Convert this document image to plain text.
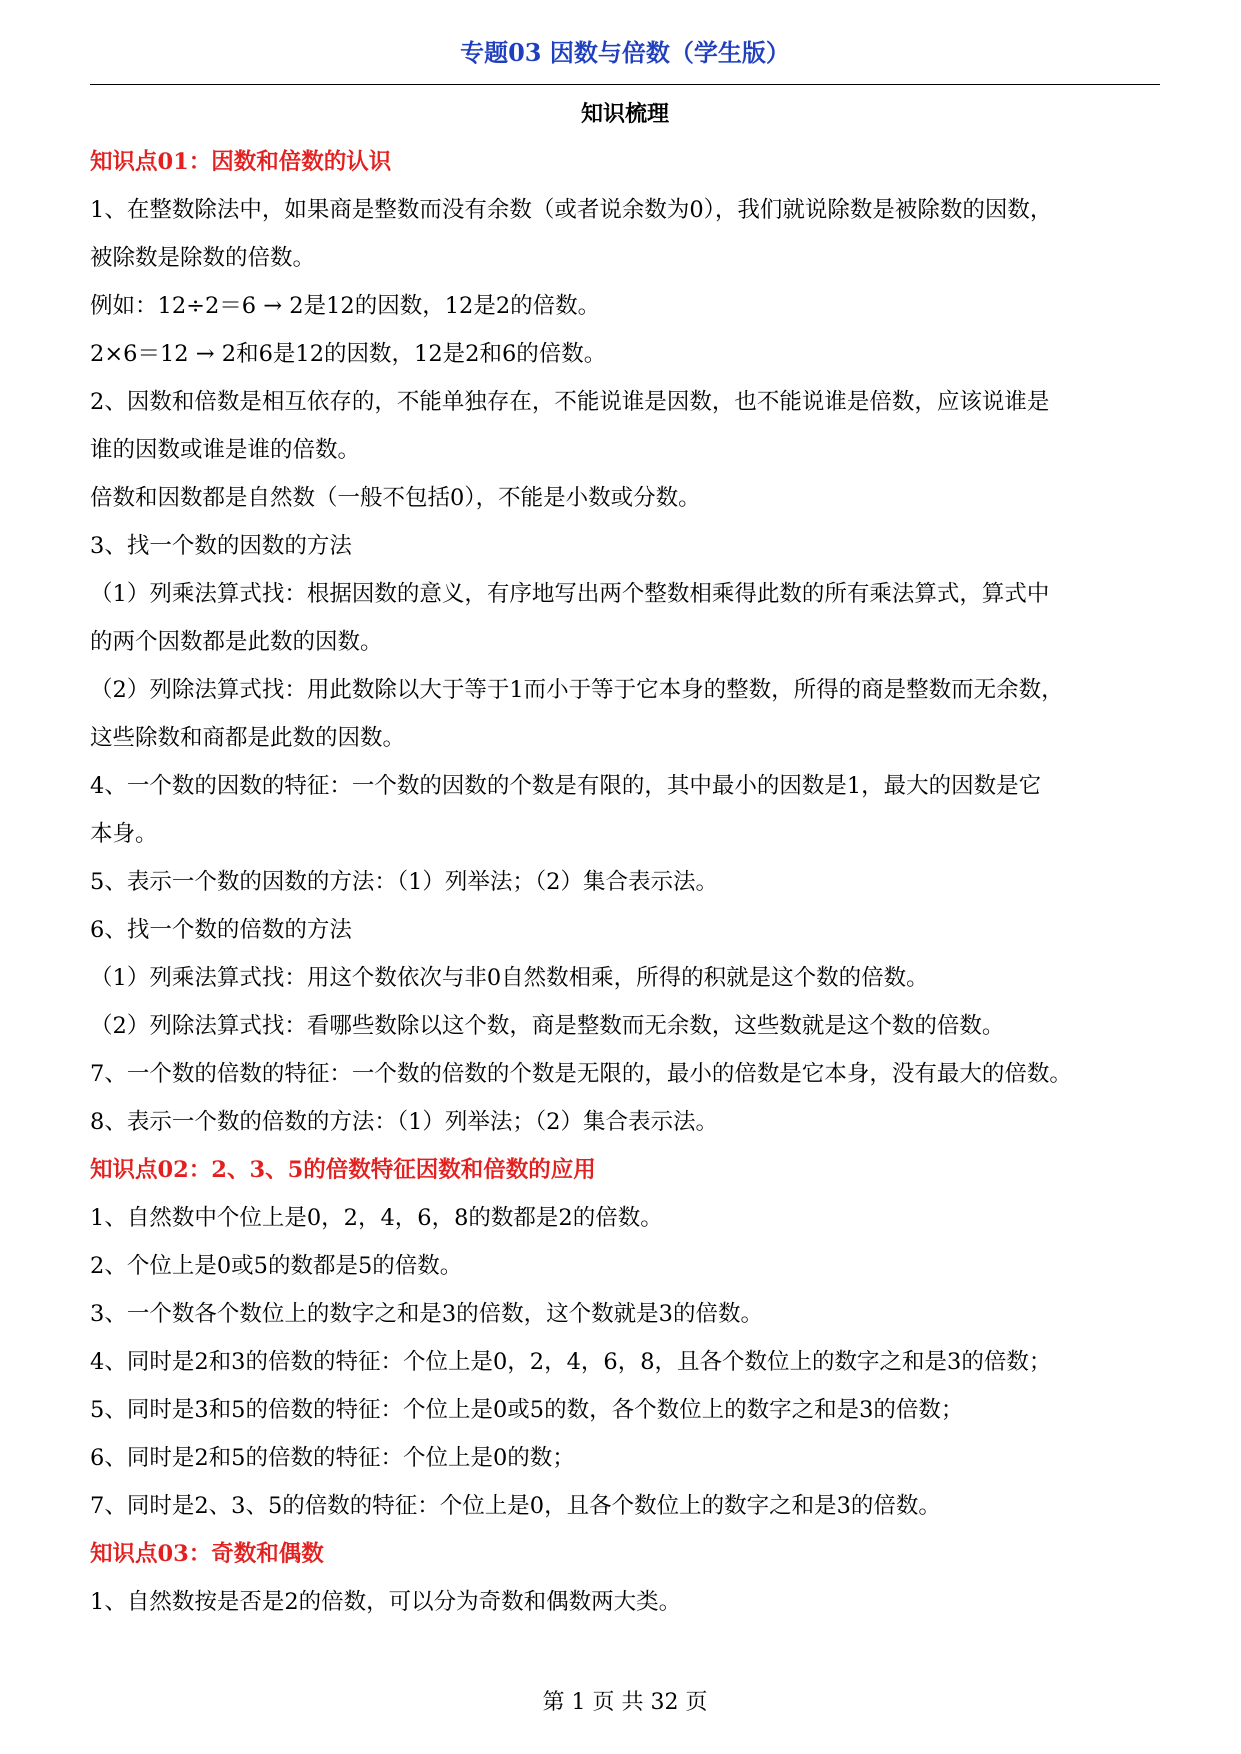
专题03 因数与倍数（学生版）
知识梳理
知识点01：因数和倍数的认识
1、在整数除法中，如果商是整数而没有余数（或者说余数为0），我们就说除数是被除数的因数，
被除数是除数的倍数。
例如：12÷2＝6 → 2是12的因数，12是2的倍数。
2×6＝12 → 2和6是12的因数，12是2和6的倍数。
2、因数和倍数是相互依存的，不能单独存在，不能说谁是因数，也不能说谁是倍数，应该说谁是
谁的因数或谁是谁的倍数。
倍数和因数都是自然数（一般不包括0），不能是小数或分数。
3、找一个数的因数的方法
（1）列乘法算式找：根据因数的意义，有序地写出两个整数相乘得此数的所有乘法算式，算式中
的两个因数都是此数的因数。
（2）列除法算式找：用此数除以大于等于1而小于等于它本身的整数，所得的商是整数而无余数，
这些除数和商都是此数的因数。
4、一个数的因数的特征：一个数的因数的个数是有限的，其中最小的因数是1，最大的因数是它
本身。
5、表示一个数的因数的方法：（1）列举法；（2）集合表示法。
6、找一个数的倍数的方法
（1）列乘法算式找：用这个数依次与非0自然数相乘，所得的积就是这个数的倍数。
（2）列除法算式找：看哪些数除以这个数，商是整数而无余数，这些数就是这个数的倍数。
7、一个数的倍数的特征：一个数的倍数的个数是无限的，最小的倍数是它本身，没有最大的倍数。
8、表示一个数的倍数的方法：（1）列举法；（2）集合表示法。
知识点02：2、3、5的倍数特征因数和倍数的应用
1、自然数中个位上是0，2，4，6，8的数都是2的倍数。
2、个位上是0或5的数都是5的倍数。
3、一个数各个数位上的数字之和是3的倍数，这个数就是3的倍数。
4、同时是2和3的倍数的特征：个位上是0，2，4，6，8，且各个数位上的数字之和是3的倍数；
5、同时是3和5的倍数的特征：个位上是0或5的数，各个数位上的数字之和是3的倍数；
6、同时是2和5的倍数的特征：个位上是0的数；
7、同时是2、3、5的倍数的特征：个位上是0，且各个数位上的数字之和是3的倍数。
知识点03：奇数和偶数
1、自然数按是否是2的倍数，可以分为奇数和偶数两大类。
第 1 页 共 32 页
